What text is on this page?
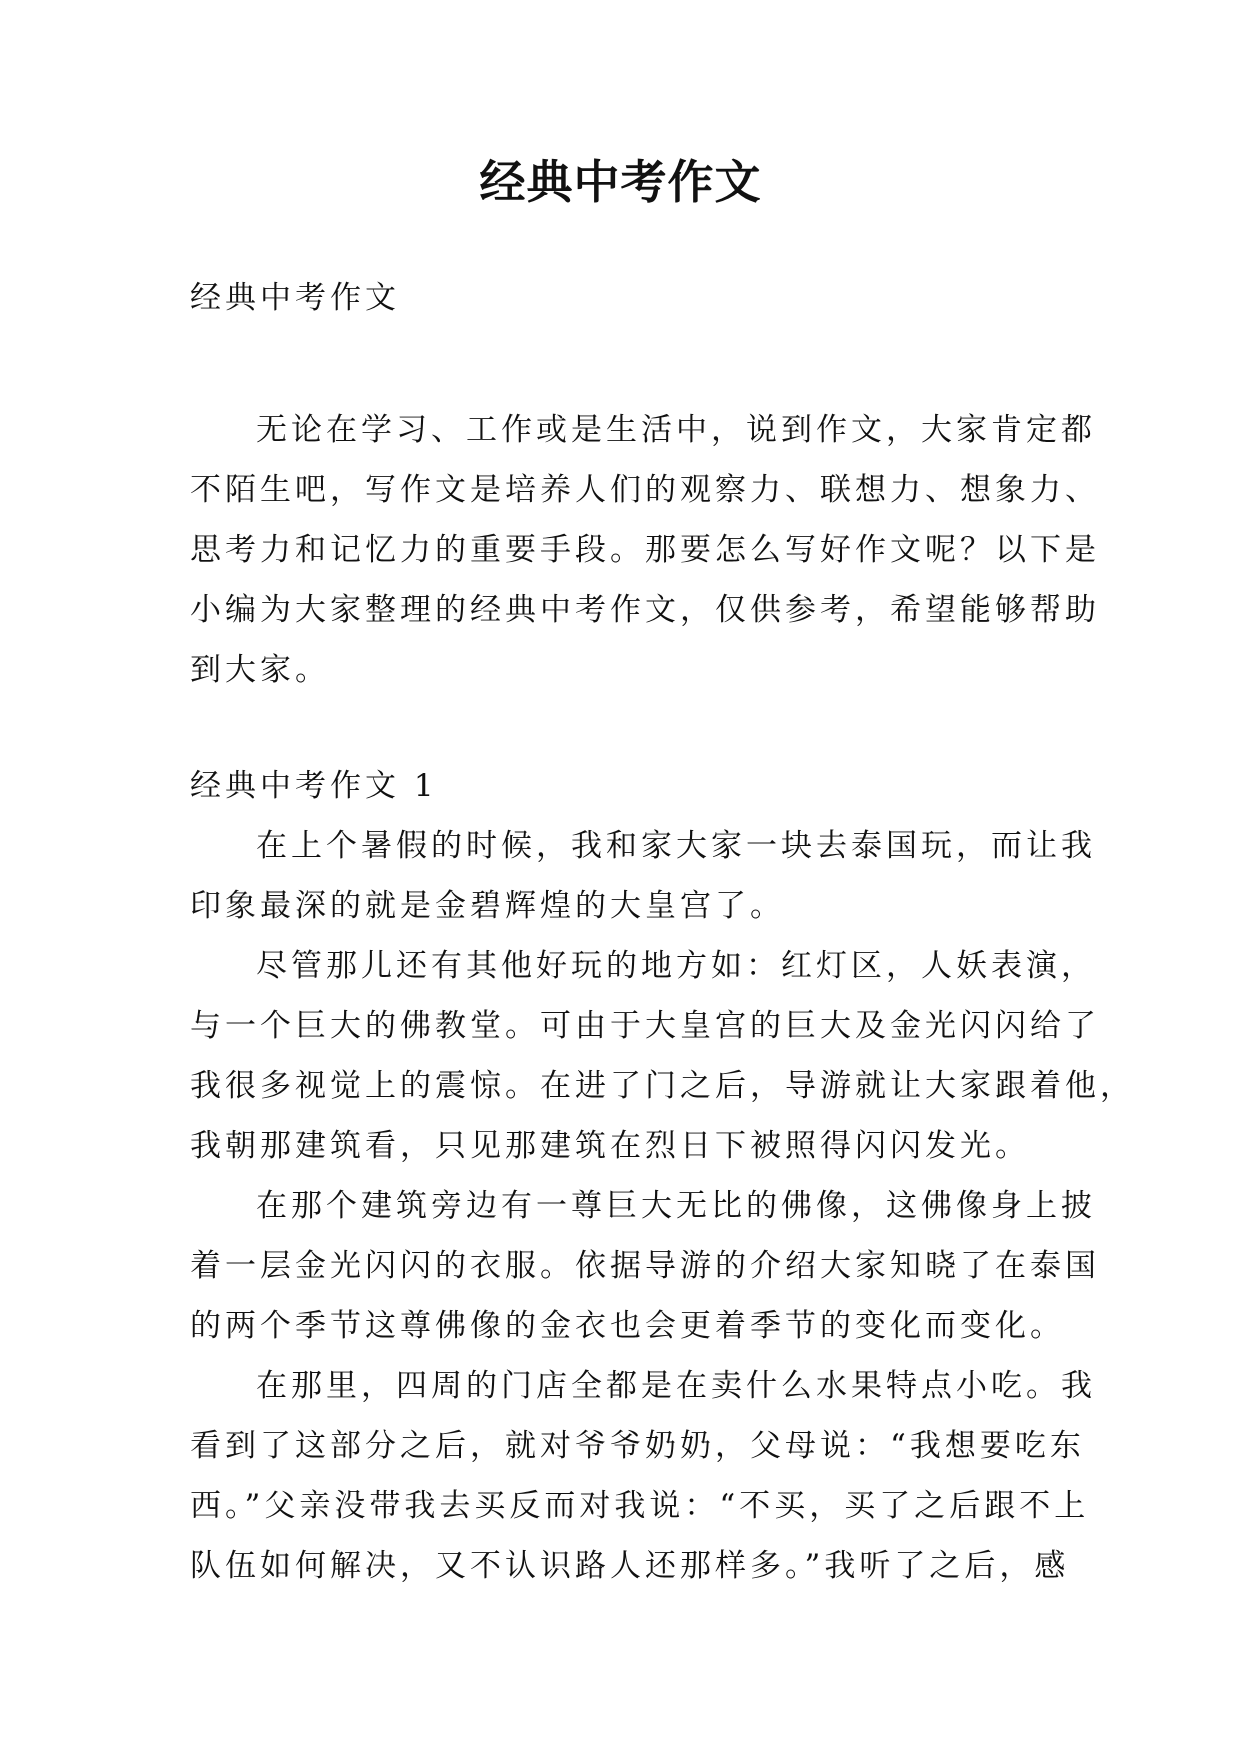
经典中考作文
经典中考作文
无论在学习、工作或是生活中，说到作文，大家肯定都
不陌生吧，写作文是培养人们的观察力、联想力、想象力、
思考力和记忆力的重要手段。那要怎么写好作文呢？以下是
小编为大家整理的经典中考作文，仅供参考，希望能够帮助
到大家。
经典中考作文 1
在上个暑假的时候，我和家大家一块去泰国玩，而让我
印象最深的就是金碧辉煌的大皇宫了。
尽管那儿还有其他好玩的地方如：红灯区，人妖表演，
与一个巨大的佛教堂。可由于大皇宫的巨大及金光闪闪给了
我很多视觉上的震惊。在进了门之后，导游就让大家跟着他，
我朝那建筑看，只见那建筑在烈日下被照得闪闪发光。
在那个建筑旁边有一尊巨大无比的佛像，这佛像身上披
着一层金光闪闪的衣服。依据导游的介绍大家知晓了在泰国
的两个季节这尊佛像的金衣也会更着季节的变化而变化。
在那里，四周的门店全都是在卖什么水果特点小吃。我
看到了这部分之后，就对爷爷奶奶，父母说：“我想要吃东
西。”父亲没带我去买反而对我说：“不买，买了之后跟不上
队伍如何解决，又不认识路人还那样多。”我听了之后，感
